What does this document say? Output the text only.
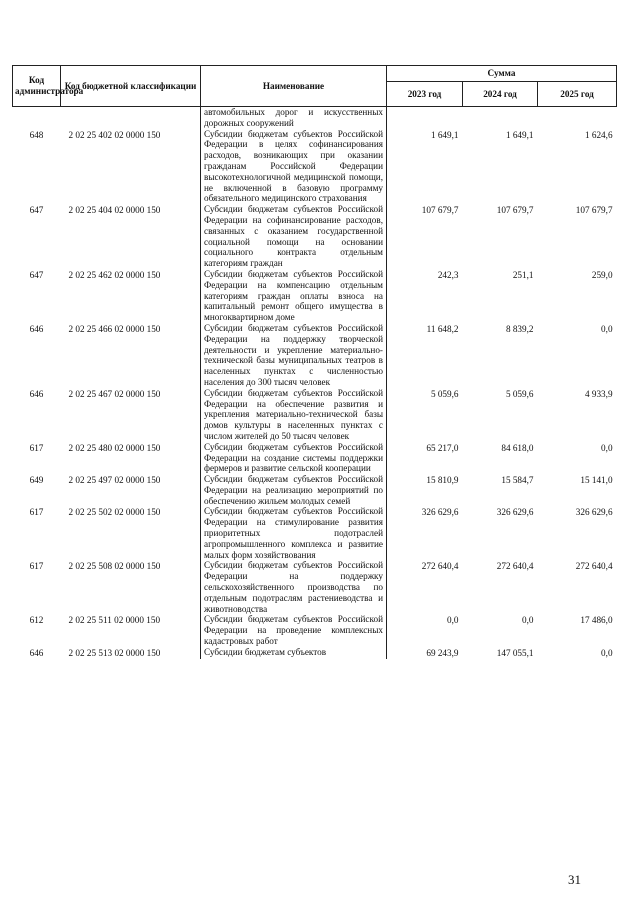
Код администратора	Код бюджетной классификации	Наименование	Сумма		
			2023 год	2024 год	2025 год
		автомобильных дорог и искусственных дорожных сооружений			
648	2 02 25 402 02 0000 150	Субсидии бюджетам субъектов Российской Федерации в целях софинансирования расходов, возникающих при оказании гражданам Российской Федерации высокотехнологичной медицинской помощи, не включенной в базовую программу обязательного медицинского страхования	1 649,1	1 649,1	1 624,6
647	2 02 25 404 02 0000 150	Субсидии бюджетам субъектов Российской Федерации на софинансирование расходов, связанных с оказанием государственной социальной помощи на основании социального контракта отдельным категориям граждан	107 679,7	107 679,7	107 679,7
647	2 02 25 462 02 0000 150	Субсидии бюджетам субъектов Российской Федерации на компенсацию отдельным категориям граждан оплаты взноса на капитальный ремонт общего имущества в многоквартирном доме	242,3	251,1	259,0
646	2 02 25 466 02 0000 150	Субсидии бюджетам субъектов Российской Федерации на поддержку творческой деятельности и укрепление материально-технической базы муниципальных театров в населенных пунктах с численностью населения до 300 тысяч человек	11 648,2	8 839,2	0,0
646	2 02 25 467 02 0000 150	Субсидии бюджетам субъектов Российской Федерации на обеспечение развития и укрепления материально-технической базы домов культуры в населенных пунктах с числом жителей до 50 тысяч человек	5 059,6	5 059,6	4 933,9
617	2 02 25 480 02 0000 150	Субсидии бюджетам субъектов Российской Федерации на создание системы поддержки фермеров и развитие сельской кооперации	65 217,0	84 618,0	0,0
649	2 02 25 497 02 0000 150	Субсидии бюджетам субъектов Российской Федерации на реализацию мероприятий по обеспечению жильем молодых семей	15 810,9	15 584,7	15 141,0
617	2 02 25 502 02 0000 150	Субсидии бюджетам субъектов Российской Федерации на стимулирование развития приоритетных подотраслей агропромышленного комплекса и развитие малых форм хозяйствования	326 629,6	326 629,6	326 629,6
617	2 02 25 508 02 0000 150	Субсидии бюджетам субъектов Российской Федерации на поддержку сельскохозяйственного производства по отдельным подотраслям растениеводства и животноводства	272 640,4	272 640,4	272 640,4
612	2 02 25 511 02 0000 150	Субсидии бюджетам субъектов Российской Федерации на проведение комплексных кадастровых работ	0,0	0,0	17 486,0
646	2 02 25 513 02 0000 150	Субсидии бюджетам субъектов	69 243,9	147 055,1	0,0
31
